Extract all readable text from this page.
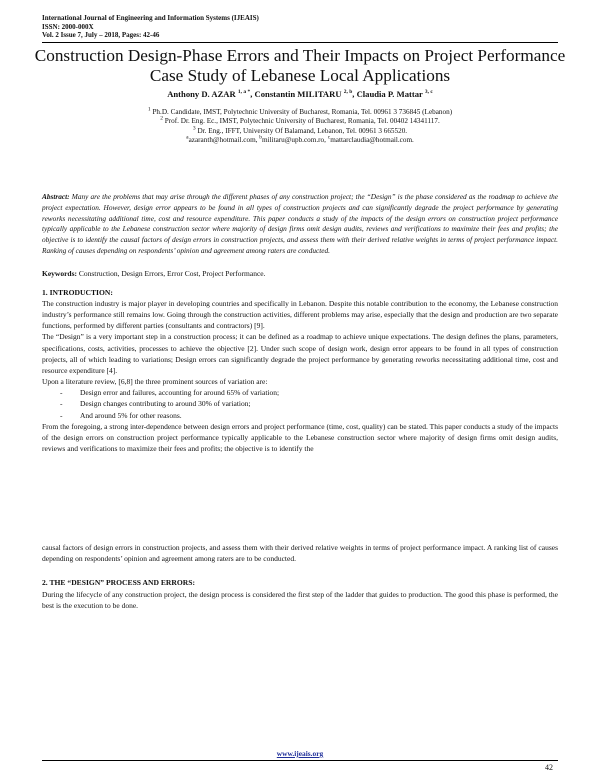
International Journal of Engineering and Information Systems (IJEAIS)
ISSN: 2000-000X
Vol. 2 Issue 7, July – 2018, Pages: 42-46
Construction Design-Phase Errors and Their Impacts on Project Performance Case Study of Lebanese Local Applications
Anthony D. AZAR $^{1, a *}$, Constantin MILITARU $^{2, b}$, Claudia P. Mattar $^{3, c}$
$^1$ Ph.D. Candidate, IMST, Polytechnic University of Bucharest, Romania, Tel. 00961 3 736845 (Lebanon)
$^2$ Prof. Dr. Eng. Ec., IMST, Polytechnic University of Bucharest, Romania, Tel. 00402 14341117.
$^3$ Dr. Eng., IFFT, University Of Balamand, Lebanon, Tel. 00961 3 665520.
$^a$azaranth@hotmail.com, $^b$militaru@upb.com.ro, $^c$mattarclaudia@hotmail.com.
Abstract: Many are the problems that may arise through the different phases of any construction project; the “Design” is the phase considered as the roadmap to achieve the project expectation. However, design error appears to be found in all types of construction projects and can significantly degrade the project performance by generating reworks necessitating additional time, cost and resource expenditure. This paper conducts a study of the impacts of the design errors on construction project performance typically applicable to the Lebanese construction sector where majority of design firms omit design audits, reviews and verifications to maximize their fees and profits; the objective is to identify the causal factors of design errors in construction projects, and assess them with their derived relative weights in terms of project performance impact. Ranking of causes depending on respondents’ opinion and agreement among raters are conducted.
Keywords: Construction, Design Errors, Error Cost, Project Performance.
1. INTRODUCTION:

The construction industry is major player in developing countries and specifically in Lebanon. Despite this notable contribution to the economy, the Lebanese construction industry’s performance still remains low. Going through the construction activities, different problems may arise, especially that the design and production are two separate functions, performed by different parties (consultants and contractors) [9].

The “Design” is a very important step in a construction process; it can be defined as a roadmap to achieve unique expectations. The design defines the plans, parameters, specifications, costs, activities, processes to achieve the objective [2]. Under such scope of design work, design error appears to be found in all types of construction projects, all of which leading to variations; Design errors can significantly degrade the project performance by generating reworks necessitating additional time, cost and resource expenditure [4].

Upon a literature review, [6,8] the three prominent sources of variation are:

-	Design error and failures, accounting for around 65% of variation;
-	Design changes contributing to around 30% of variation;
-	And around 5% for other reasons.

From the foregoing, a strong inter-dependence between design errors and project performance (time, cost, quality) can be stated. This paper conducts a study of the impacts of the design errors on construction project performance typically applicable to the Lebanese construction sector where majority of design firms omit design audits, reviews and verifications to maximize their fees and profits; the objective is to identify the

causal factors of design errors in construction projects, and assess them with their derived relative weights in terms of project performance impact. A ranking list of causes depending on respondents’ opinion and agreement among raters are to be conducted.

2. THE “DESIGN” PROCESS AND ERRORS:

During the lifecycle of any construction project, the design process is considered the first step of the ladder that guides to production. The good this phase is performed, the best is the execution to be done.

www.ijeais.org
42
